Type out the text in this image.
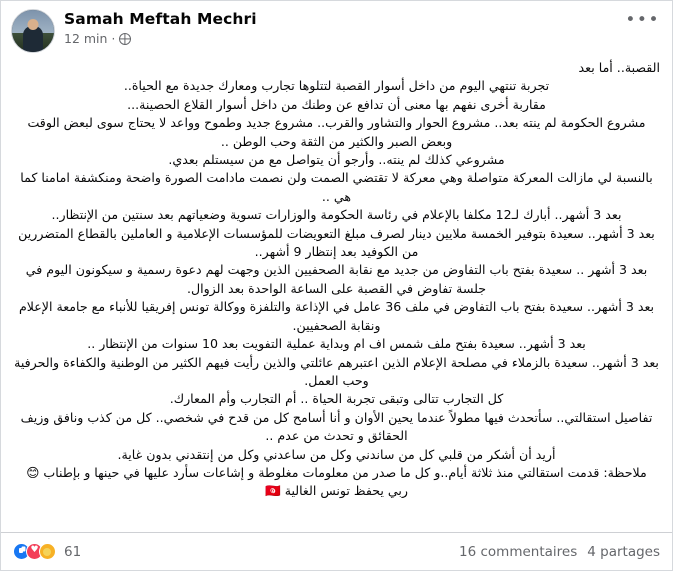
Samah Meftah Mechri
12 min ·
•••

القصبة.. أما بعد

تجربة تنتهي اليوم من داخل أسوار القصبة لتتلوها تجارب ومعارك جديدة مع الحياة..

مقاربة أخرى نفهم بها معنى أن تدافع عن وطنك من داخل أسوار القلاع الحصينة...

مشروع الحكومة لم ينته بعد.. مشروع الحوار والتشاور والقرب.. مشروع جديد وطموح وواعد لا يحتاج سوى لبعض الوقت وبعض الصبر والكثير من الثقة وحب الوطن ..

مشروعي كذلك لم ينته.. وأرجو أن يتواصل مع من سيستلم بعدي.

بالنسبة لي مازالت المعركة متواصلة وهي معركة لا تقتضي الصمت ولن نصمت مادامت الصورة واضحة ومنكشفة امامنا كما هي ..

بعد 3 أشهر.. أبارك لـ12 مكلفا بالإعلام في رئاسة الحكومة والوزارات تسوية وضعياتهم بعد سنتين من الإنتظار..

بعد 3 أشهر.. سعيدة بتوفير الخمسة ملايين دينار لصرف مبلغ التعويضات للمؤسسات الإعلامية و العاملين بالقطاع المتضررين من الكوفيد بعد إنتظار 9 أشهر..

بعد 3 أشهر .. سعيدة بفتح باب التفاوض من جديد مع نقابة الصحفيين الذين وجهت لهم دعوة رسمية و سيكونون اليوم في جلسة تفاوض في القصبة على الساعة الواحدة بعد الزوال.

بعد 3 أشهر.. سعيدة بفتح باب التفاوض في ملف 36 عامل في الإذاعة والتلفزة ووكالة تونس إفريقيا للأنباء مع جامعة الإعلام ونقابة الصحفيين.

بعد 3 أشهر.. سعيدة بفتح ملف شمس اف ام وبداية عملية التفويت بعد 10 سنوات من الإنتظار ..

بعد 3 أشهر.. سعيدة بالزملاء في مصلحة الإعلام الذين اعتبرهم عائلتي والذين رأيت فيهم الكثير من الوطنية والكفاءة والحرفية وحب العمل.

كل التجارب تتالى وتبقى تجربة الحياة .. أم التجارب وأم المعارك.

تفاصيل استقالتي.. سأتحدث فيها مطولاً عندما يحين الأوان و أنا أسامح كل من قدح في شخصي.. كل من كذب ونافق وزيف الحقائق و تحدث من عدم ..

أريد أن أشكر من قلبي كل من ساندني وكل من ساعدني وكل من إنتقدني بدون غاية.

ملاحظة: قدمت استقالتي منذ ثلاثة أيام..و كل ما صدر من معلومات مغلوطة و إشاعات سأرد عليها في حينها و بإطناب 😊

ربي يحفظ تونس الغالية 🇹🇳

♥
61	16 commentaires 4 partages
